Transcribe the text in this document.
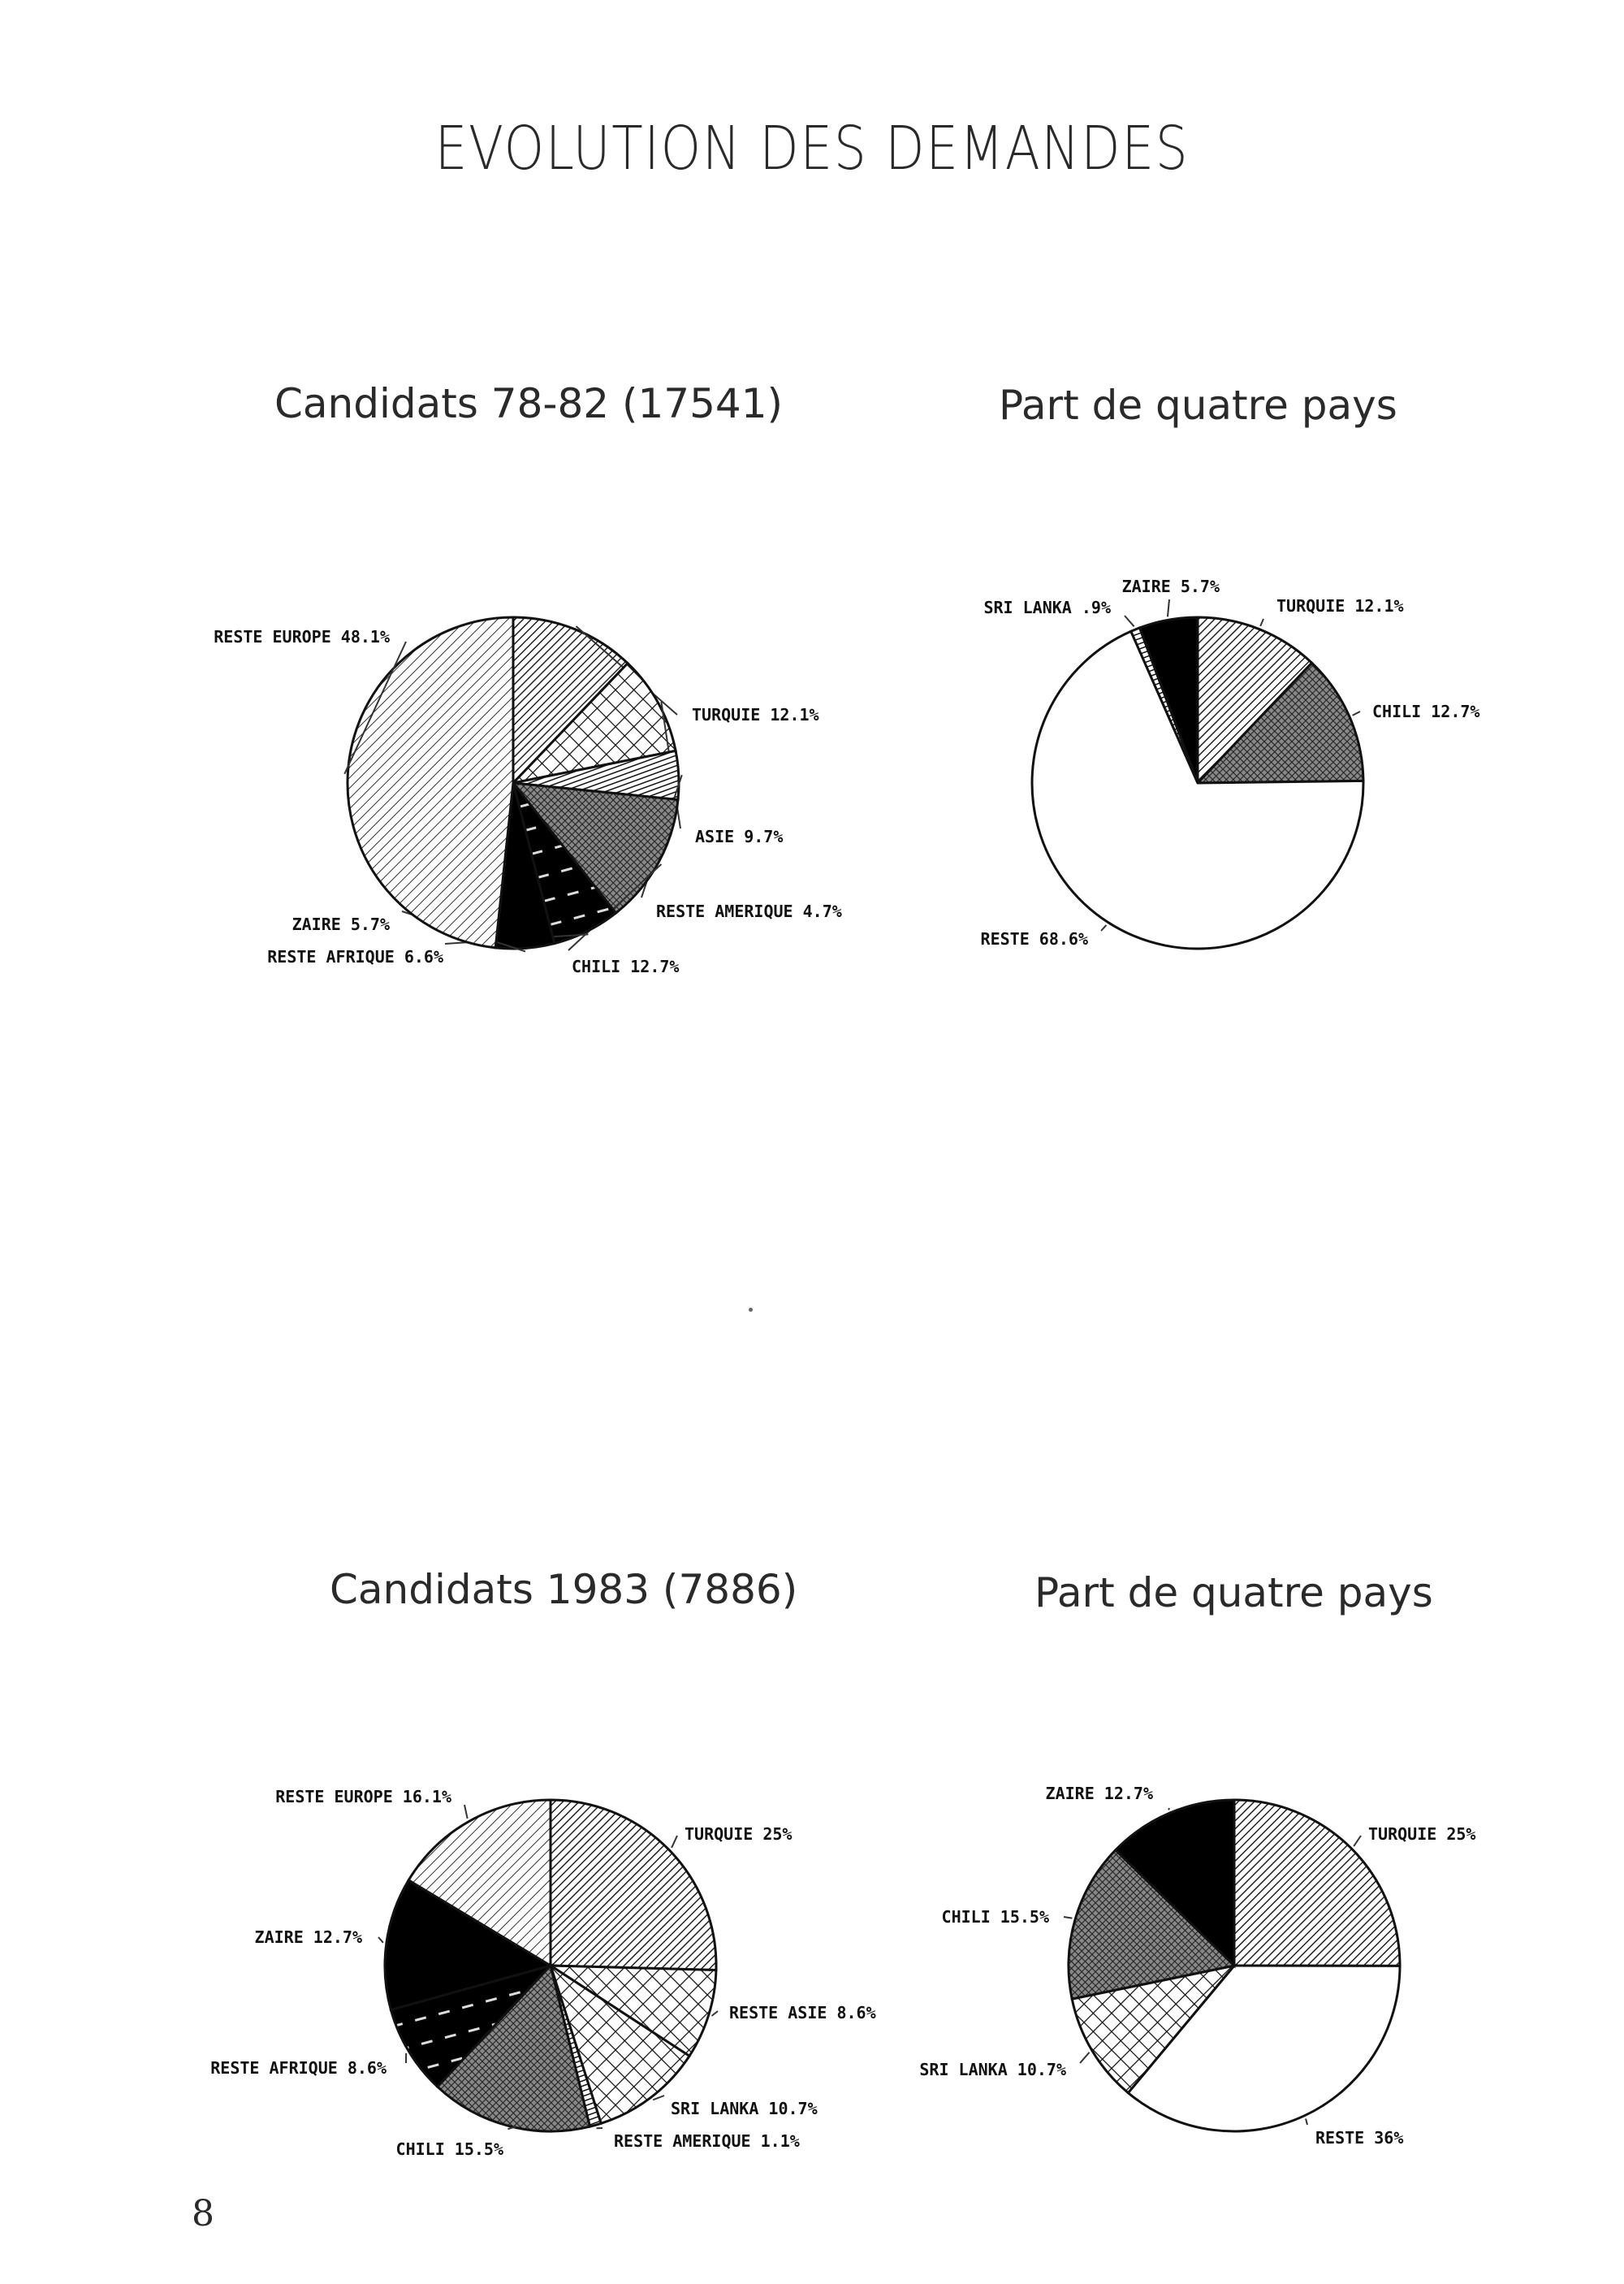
EVOLUTION DES DEMANDES
Candidats 78-82 (17541)	Part de quatre pays
Candidats 1983 (7886)	Part de quatre pays
TURQUIE 12.1%
ASIE 9.7%
RESTE AMERIQUE 4.7%
CHILI 12.7%
RESTE AFRIQUE 6.6%
ZAIRE 5.7%
RESTE EUROPE 48.1%
TURQUIE 12.1%
CHILI 12.7%
RESTE 68.6%
SRI LANKA .9%
ZAIRE 5.7%
TURQUIE 25%
RESTE ASIE 8.6%
SRI LANKA 10.7%
RESTE AMERIQUE 1.1%
CHILI 15.5%
RESTE AFRIQUE 8.6%
ZAIRE 12.7%
RESTE EUROPE 16.1%
TURQUIE 25%
RESTE 36%
SRI LANKA 10.7%
CHILI 15.5%
ZAIRE 12.7%
8
